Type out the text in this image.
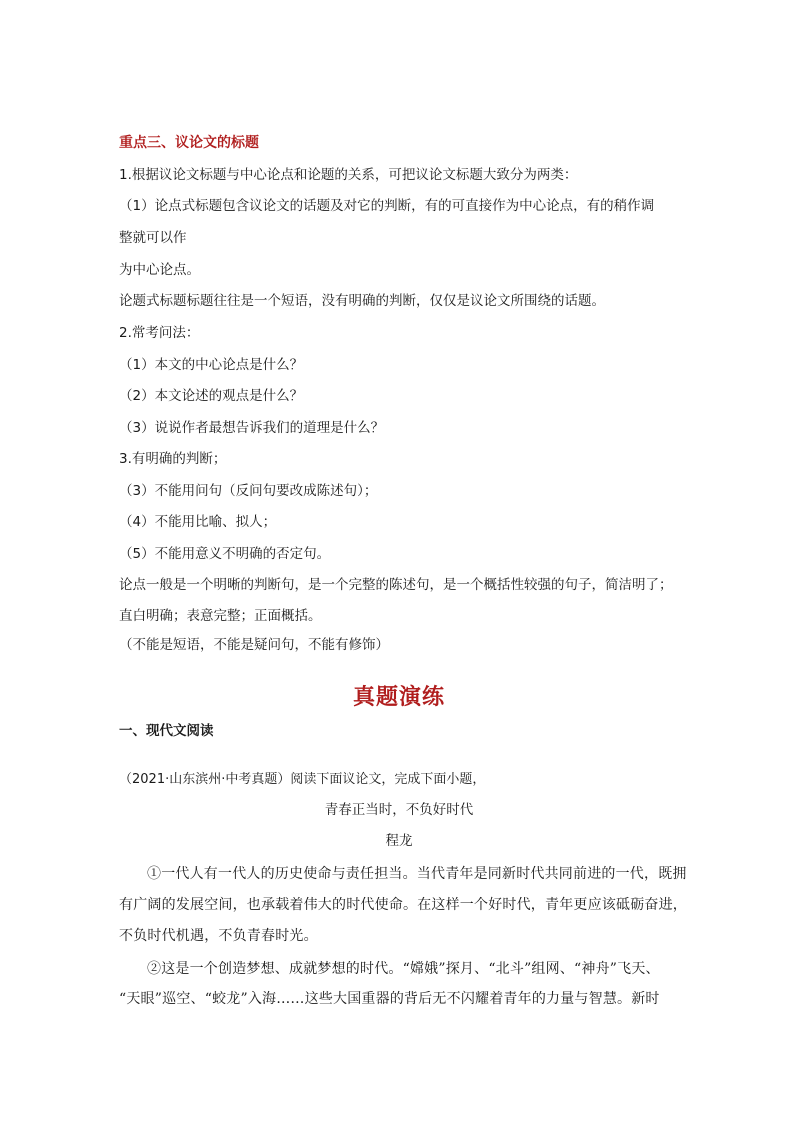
重点三、议论文的标题

1.根据议论文标题与中心论点和论题的关系，可把议论文标题大致分为两类：

（1）论点式标题包含议论文的话题及对它的判断，有的可直接作为中心论点，有的稍作调

整就可以作

为中心论点。

论题式标题标题往往是一个短语，没有明确的判断，仅仅是议论文所围绕的话题。

2.常考问法：

（1）本文的中心论点是什么？

（2）本文论述的观点是什么？

（3）说说作者最想告诉我们的道理是什么？

3.有明确的判断；

（3）不能用问句（反问句要改成陈述句）；

（4）不能用比喻、拟人；

（5）不能用意义不明确的否定句。

论点一般是一个明晰的判断句，是一个完整的陈述句，是一个概括性较强的句子，简洁明了；

直白明确；表意完整；正面概括。

（不能是短语，不能是疑问句，不能有修饰）

真题演练

一、现代文阅读

（2021·山东滨州·中考真题）阅读下面议论文，完成下面小题，

青春正当时，不负好时代

程龙

①一代人有一代人的历史使命与责任担当。当代青年是同新时代共同前进的一代，既拥

有广阔的发展空间，也承载着伟大的时代使命。在这样一个好时代，青年更应该砥砺奋进，

不负时代机遇，不负青春时光。

②这是一个创造梦想、成就梦想的时代。“嫦娥”探月、“北斗”组网、“神舟”飞天、

“天眼”巡空、“蛟龙”入海……这些大国重器的背后无不闪耀着青年的力量与智慧。新时
